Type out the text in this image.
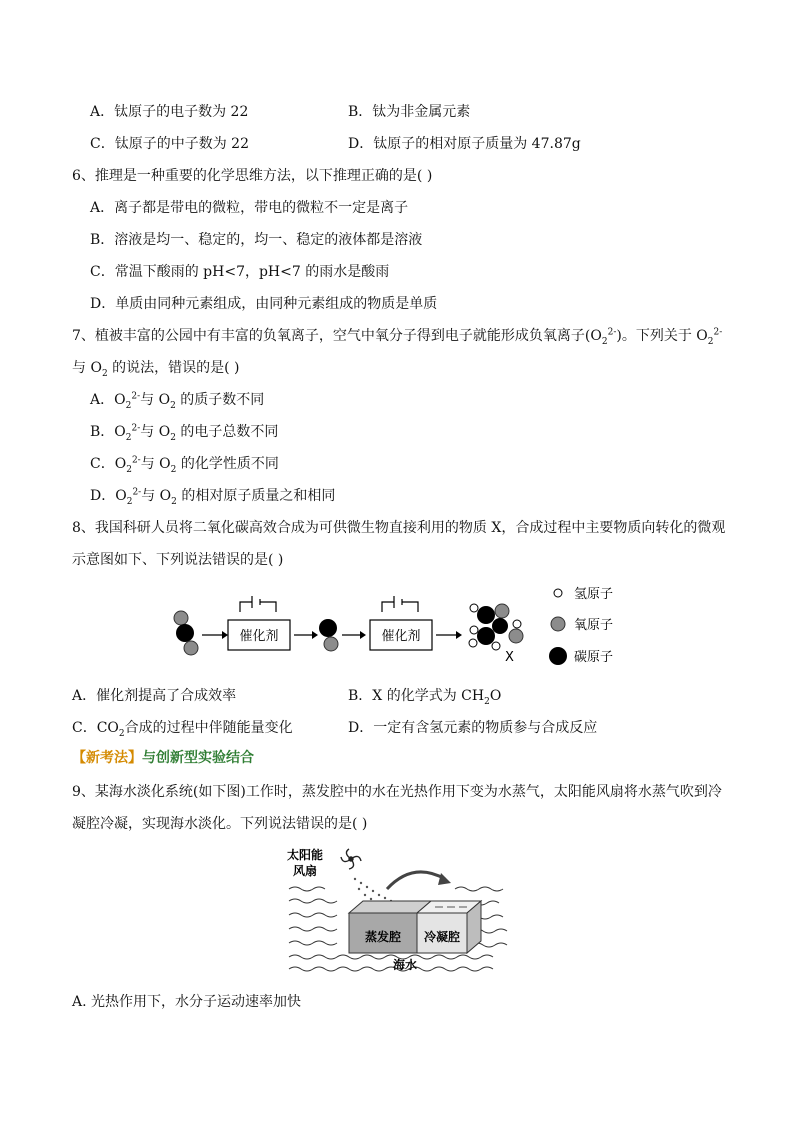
A．钛原子的电子数为 22	B．钛为非金属元素
C．钛原子的中子数为 22	D．钛原子的相对原子质量为 47.87g
6、推理是一种重要的化学思维方法，以下推理正确的是( )
A．离子都是带电的微粒，带电的微粒不一定是离子
B．溶液是均一、稳定的，均一、稳定的液体都是溶液
C．常温下酸雨的 pH<7，pH<7 的雨水是酸雨
D．单质由同种元素组成，由同种元素组成的物质是单质
7、植被丰富的公园中有丰富的负氧离子，空气中氧分子得到电子就能形成负氧离子$(O_2^{2-})$。下列关于 $O_2^{2-}$
与 $O_2$ 的说法，错误的是( )
A．$O_2^{2-}$与 $O_2$ 的质子数不同
B．$O_2^{2-}$与 $O_2$ 的电子总数不同
C．$O_2^{2-}$与 $O_2$ 的化学性质不同
D．$O_2^{2-}$与 $O_2$ 的相对原子质量之和相同
8、我国科研人员将二氧化碳高效合成为可供微生物直接利用的物质 X，合成过程中主要物质向转化的微观
示意图如下、下列说法错误的是( )
催化剂	催化剂
X
氢原子
氧原子
碳原子
A．催化剂提高了合成效率	B．X 的化学式为 $CH_2O$
C．$CO_2$合成的过程中伴随能量变化	D．一定有含氢元素的物质参与合成反应
【新考法】与创新型实验结合
9、某海水淡化系统(如下图)工作时，蒸发腔中的水在光热作用下变为水蒸气，太阳能风扇将水蒸气吹到冷
凝腔冷凝，实现海水淡化。下列说法错误的是( )
太阳能
风扇
蒸发腔 冷凝腔
海水
A. 光热作用下，水分子运动速率加快
